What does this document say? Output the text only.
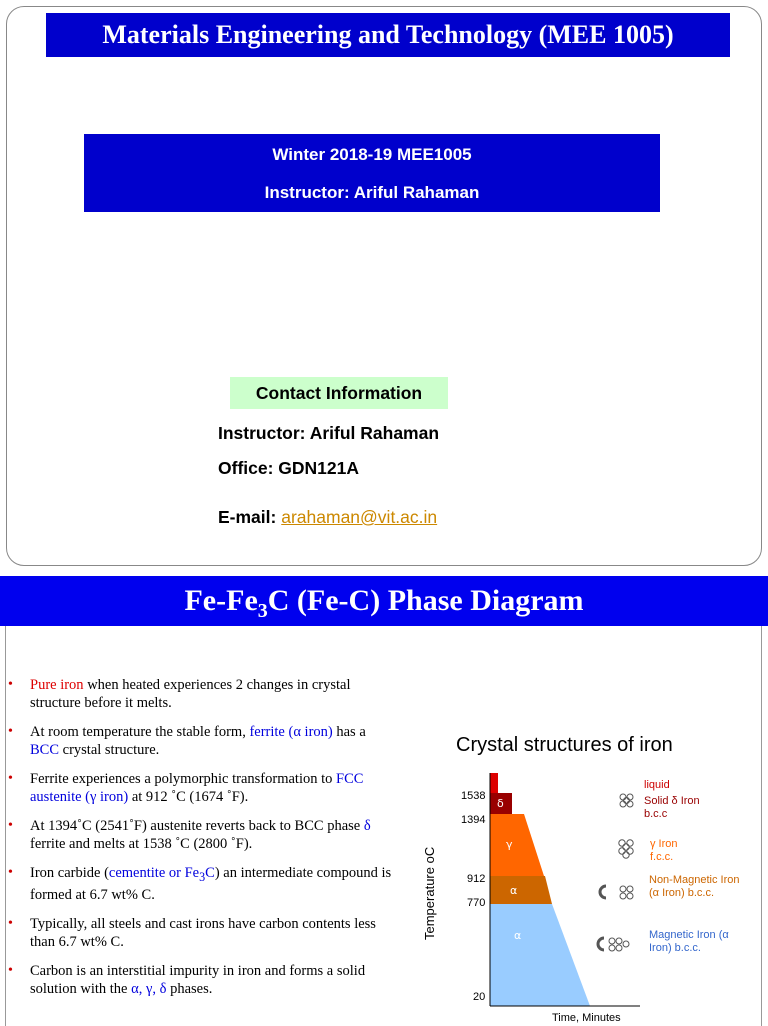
Materials Engineering and Technology (MEE 1005)
Winter 2018-19 MEE1005
Instructor: Ariful Rahaman
Contact Information
Instructor: Ariful Rahaman
Office: GDN121A
E-mail: arahaman@vit.ac.in
$Fe-Fe_3C$ (Fe-C) Phase Diagram
• Pure iron when heated experiences 2 changes in crystal structure before it melts.
• At room temperature the stable form, ferrite (α iron) has a BCC crystal structure.
• Ferrite experiences a polymorphic transformation to FCC austenite (γ iron) at 912 ˚C (1674 ˚F).
• At 1394˚C (2541˚F) austenite reverts back to BCC phase δ ferrite and melts at 1538 ˚C (2800 ˚F).
• Iron carbide (cementite or $Fe_3C$) an intermediate compound is formed at 6.7 wt% C.
• Typically, all steels and cast irons have carbon contents less than 6.7 wt% C.
• Carbon is an interstitial impurity in iron and forms a solid solution with the α, γ, δ phases.
Crystal structures of iron
Temperature oC
1538
1394
912
770
20
δ
γ
α
α
Time, Minutes
liquid
Solid δ Iron
b.c.c
γ Iron
f.c.c.
Non-Magnetic Iron
(α Iron) b.c.c.
Magnetic Iron (α
Iron) b.c.c.
